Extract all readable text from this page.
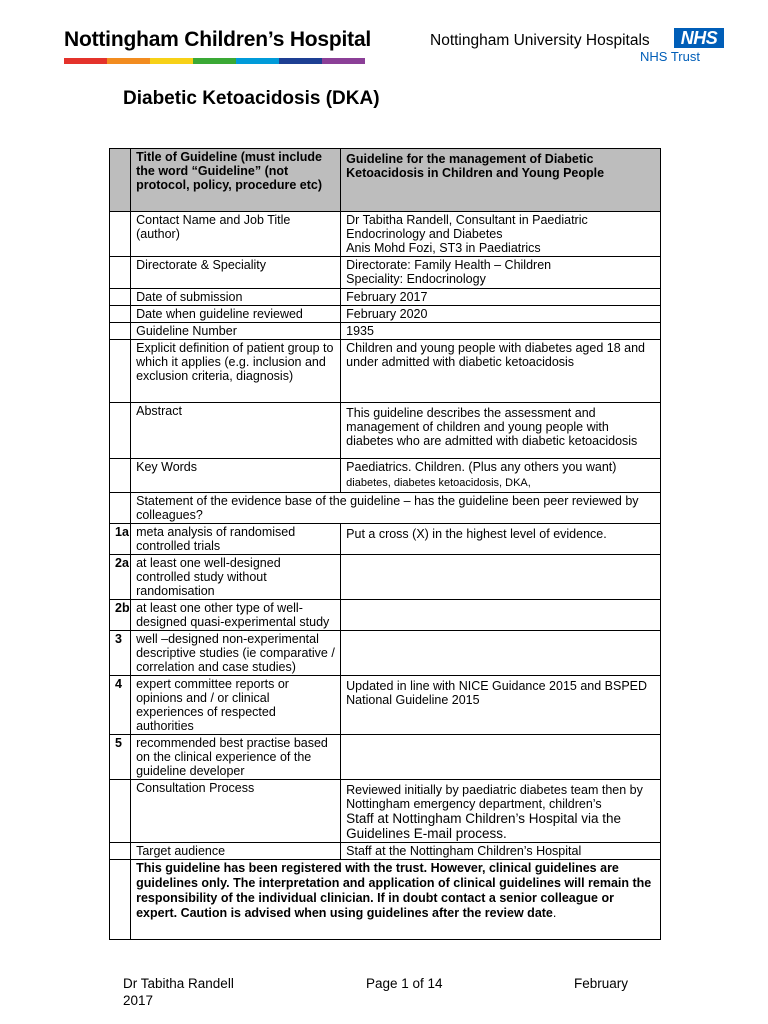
Nottingham Children’s Hospital	Nottingham University Hospitals	NHS
NHS Trust
Diabetic Ketoacidosis (DKA)
	Title of Guideline (must include the word “Guideline” (not protocol, policy, procedure etc)	Guideline for the management of Diabetic Ketoacidosis in Children and Young People
	Contact Name and Job Title (author)	Dr Tabitha Randell, Consultant in Paediatric Endocrinology and Diabetes
Anis Mohd Fozi, ST3 in Paediatrics

	Directorate & Speciality	Directorate: Family Health – Children
Speciality: Endocrinology

	Date of submission	February 2017
	Date when guideline reviewed	February 2020
	Guideline Number	1935
	Explicit definition of patient group to which it applies (e.g. inclusion and exclusion criteria, diagnosis)	Children and young people with diabetes aged 18 and under admitted with diabetic ketoacidosis
	Abstract	This guideline describes the assessment and management of children and young people with diabetes who are admitted with diabetic ketoacidosis
	Key Words	Paediatrics. Children. (Plus any others you want) diabetes, diabetes ketoacidosis, DKA,
	Statement of the evidence base of the guideline – has the guideline been peer reviewed by colleagues?	
1a	meta analysis of randomised controlled trials	Put a cross (X) in the highest level of evidence.
2a	at least one well-designed controlled study without randomisation	
2b	at least one other type of well-designed quasi-experimental study	
3	well –designed non-experimental descriptive studies (ie comparative / correlation and case studies)	
4	expert committee reports or opinions and / or clinical experiences of respected authorities	Updated in line with NICE Guidance 2015 and BSPED National Guideline 2015
5	recommended best practise based on the clinical experience of the guideline developer	
	Consultation Process	Reviewed initially by paediatric diabetes team then by Nottingham emergency department, children’s
Staff at Nottingham Children’s Hospital via the Guidelines E-mail process.

	Target audience	Staff at the Nottingham Children’s Hospital
	This guideline has been registered with the trust. However, clinical guidelines are guidelines only. The interpretation and application of clinical guidelines will remain the responsibility of the individual clinician. If in doubt contact a senior colleague or expert. Caution is advised when using guidelines after the review date.	
Dr Tabitha Randell	Page 1 of 14	February
2017
